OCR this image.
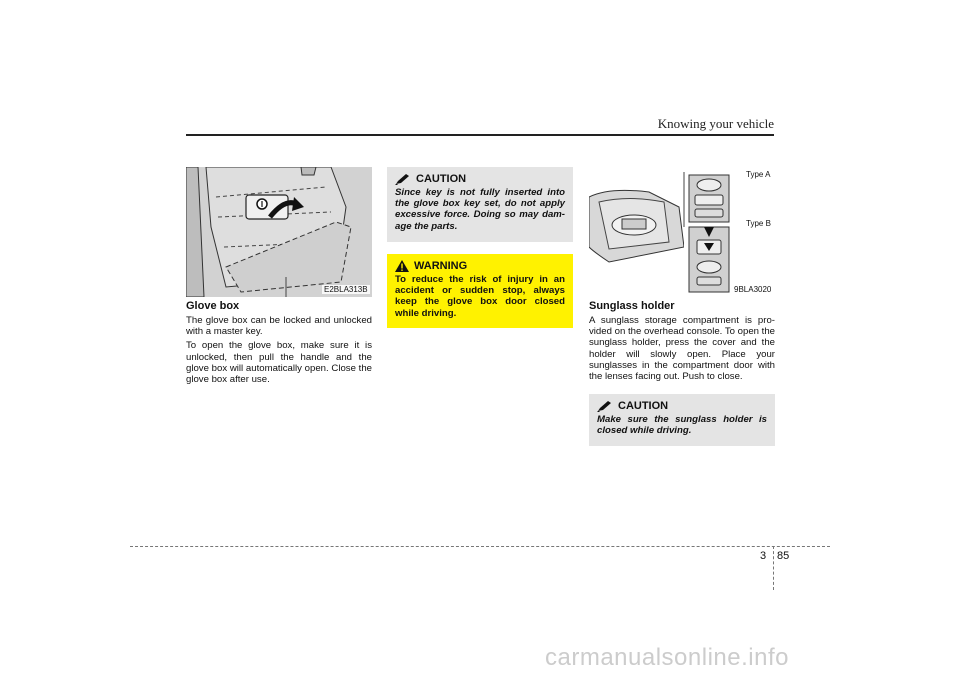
Knowing your vehicle
E2BLA313B
Glove box

The glove box can be locked and unlocked with a master key.

To open the glove box, make sure it is unlocked, then pull the handle and the glove box will automatically open. Close the glove box after use.

CAUTION
Since key is not fully inserted into the glove box key set, do not apply excessive force. Doing so may dam-age the parts.
WARNING
To reduce the risk of injury in an accident or sudden stop, always keep the glove box door closed while driving.
Type A
Type B
9BLA3020
Sunglass holder
A sunglass storage compartment is pro-vided on the overhead console. To open the sunglass holder, press the cover and the holder will slowly open. Place your sunglasses in the compartment door with the lenses facing out. Push to close.
CAUTION
Make sure the sunglass holder is closed while driving.
3 85
carmanualsonline.info
